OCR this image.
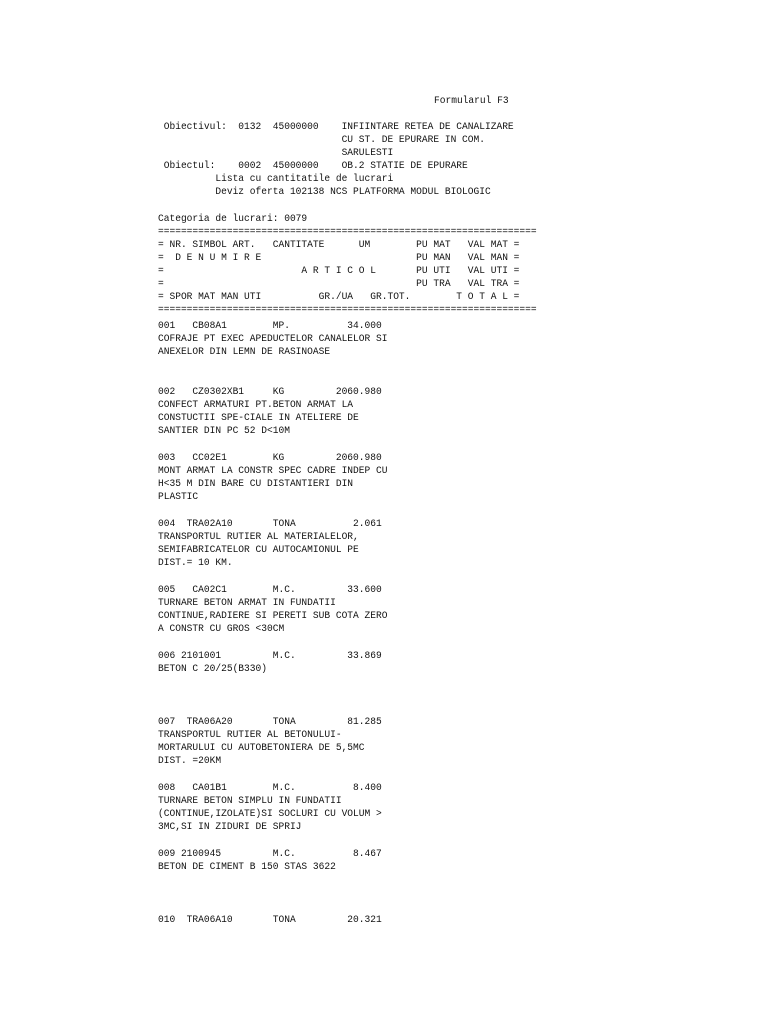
Formularul F3
Obiectivul:  0132  45000000    INFIINTARE RETEA DE CANALIZARE
CU ST. DE EPURARE IN COM.
SARULESTI
Obiectul:    0002  45000000    OB.2 STATIE DE EPURARE
Lista cu cantitatile de lucrari
Deviz oferta 102138 NCS PLATFORMA MODUL BIOLOGIC
Categoria de lucrari: 0079
==================================================================
= NR. SIMBOL ART.   CANTITATE      UM        PU MAT   VAL MAT =
=  D E N U M I R E                           PU MAN   VAL MAN =
=                        A R T I C O L       PU UTI   VAL UTI =
=                                            PU TRA   VAL TRA =
= SPOR MAT MAN UTI          GR./UA   GR.TOT.        T O T A L =
==================================================================
001   CB08A1        MP.          34.000
COFRAJE PT EXEC APEDUCTELOR CANALELOR SI
ANEXELOR DIN LEMN DE RASINOASE
002   CZ0302XB1     KG         2060.980
CONFECT ARMATURI PT.BETON ARMAT LA
CONSTUCTII SPE-CIALE IN ATELIERE DE
SANTIER DIN PC 52 D<10M
003   CC02E1        KG         2060.980
MONT ARMAT LA CONSTR SPEC CADRE INDEP CU
H<35 M DIN BARE CU DISTANTIERI DIN
PLASTIC
004  TRA02A10       TONA          2.061
TRANSPORTUL RUTIER AL MATERIALELOR,
SEMIFABRICATELOR CU AUTOCAMIONUL PE
DIST.= 10 KM.
005   CA02C1        M.C.         33.600
TURNARE BETON ARMAT IN FUNDATII
CONTINUE,RADIERE SI PERETI SUB COTA ZERO
A CONSTR CU GROS <30CM
006 2101001         M.C.         33.869
BETON C 20/25(B330)
007  TRA06A20       TONA         81.285
TRANSPORTUL RUTIER AL BETONULUI-
MORTARULUI CU AUTOBETONIERA DE 5,5MC
DIST. =20KM
008   CA01B1        M.C.          8.400
TURNARE BETON SIMPLU IN FUNDATII
(CONTINUE,IZOLATE)SI SOCLURI CU VOLUM >
3MC,SI IN ZIDURI DE SPRIJ
009 2100945         M.C.          8.467
BETON DE CIMENT B 150 STAS 3622
010  TRA06A10       TONA         20.321
